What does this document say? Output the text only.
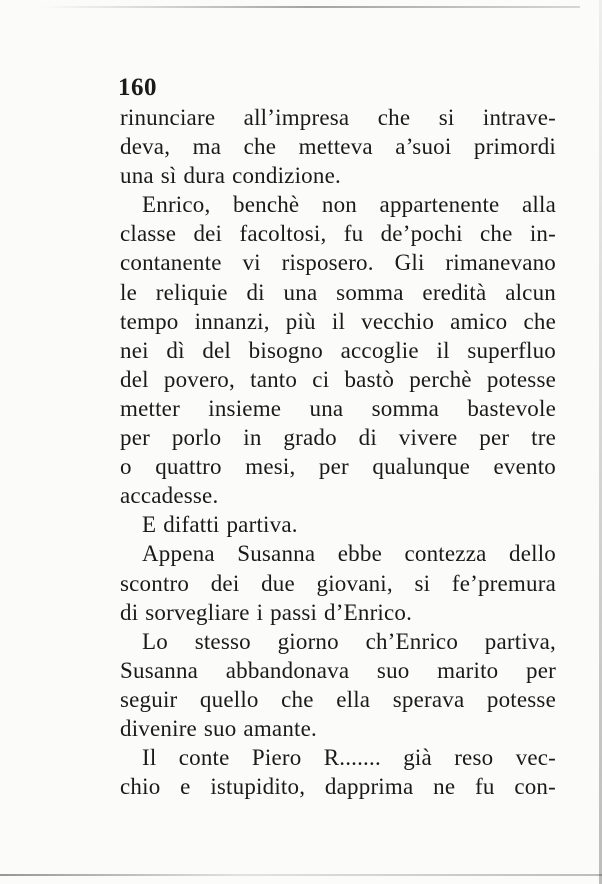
160
rinunciare all’impresa che si intrave-
deva, ma che metteva a’suoi primordi
una sì dura condizione.
Enrico, benchè non appartenente alla
classe dei facoltosi, fu de’pochi che in-
contanente vi risposero. Gli rimanevano
le reliquie di una somma eredità alcun
tempo innanzi, più il vecchio amico che
nei dì del bisogno accoglie il superfluo
del povero, tanto ci bastò perchè potesse
metter insieme una somma bastevole
per porlo in grado di vivere per tre
o quattro mesi, per qualunque evento
accadesse.
E difatti partiva.
Appena Susanna ebbe contezza dello
scontro dei due giovani, si fe’premura
di sorvegliare i passi d’Enrico.
Lo stesso giorno ch’Enrico partiva,
Susanna abbandonava suo marito per
seguir quello che ella sperava potesse
divenire suo amante.
Il conte Piero R....... già reso vec-
chio e istupidito, dapprima ne fu con-
